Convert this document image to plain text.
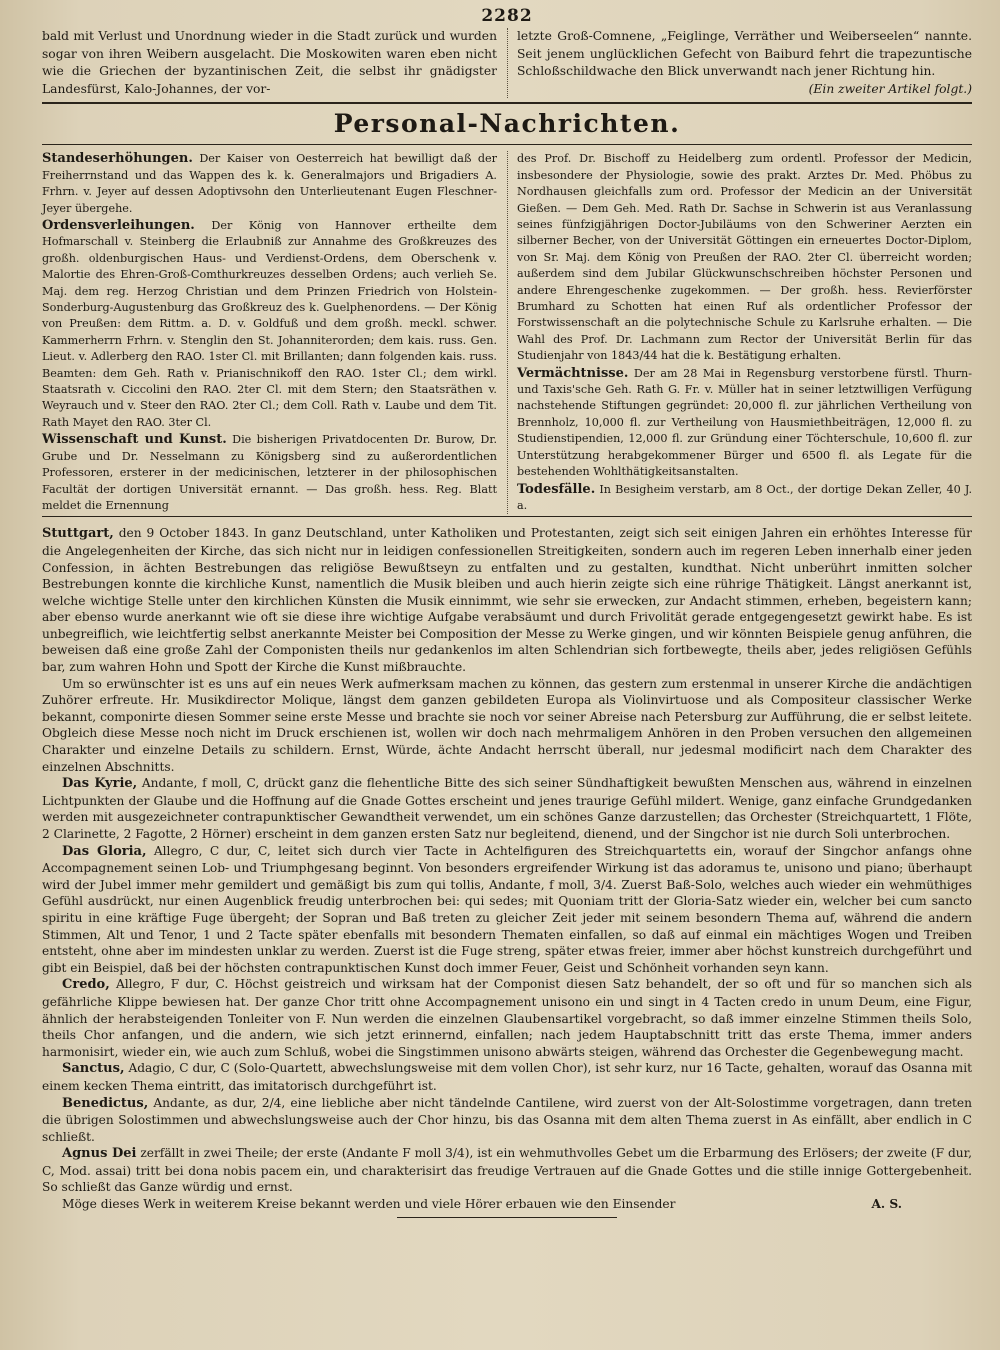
2282

bald mit Verlust und Unordnung wieder in die Stadt zurück und wurden sogar von ihren Weibern ausgelacht. Die Moskowiten waren eben nicht wie die Griechen der byzantinischen Zeit, die selbst ihr gnädigster Landesfürst, Kalo-Johannes, der vor-

letzte Groß-Comnene, „Feiglinge, Verräther und Weiberseelen“ nannte. Seit jenem unglücklichen Gefecht von Baiburd fehrt die trapezuntische Schloßschildwache den Blick unverwandt nach jener Richtung hin.

(Ein zweiter Artikel folgt.)

Personal-Nachrichten.

Standeserhöhungen. Der Kaiser von Oesterreich hat bewilligt daß der Freiherrnstand und das Wappen des k. k. Generalmajors und Brigadiers A. Frhrn. v. Jeyer auf dessen Adoptivsohn den Unterlieutenant Eugen Fleschner-Jeyer übergehe.

Ordensverleihungen. Der König von Hannover ertheilte dem Hofmarschall v. Steinberg die Erlaubniß zur Annahme des Großkreuzes des großh. oldenburgischen Haus- und Verdienst-Ordens, dem Oberschenk v. Malortie des Ehren-Groß-Comthurkreuzes desselben Ordens; auch verlieh Se. Maj. dem reg. Herzog Christian und dem Prinzen Friedrich von Holstein-Sonderburg-Augustenburg das Großkreuz des k. Guelphenordens. — Der König von Preußen: dem Rittm. a. D. v. Goldfuß und dem großh. meckl. schwer. Kammerherrn Frhrn. v. Stenglin den St. Johanniterorden; dem kais. russ. Gen. Lieut. v. Adlerberg den RAO. 1ster Cl. mit Brillanten; dann folgenden kais. russ. Beamten: dem Geh. Rath v. Prianischnikoff den RAO. 1ster Cl.; dem wirkl. Staatsrath v. Ciccolini den RAO. 2ter Cl. mit dem Stern; den Staatsräthen v. Weyrauch und v. Steer den RAO. 2ter Cl.; dem Coll. Rath v. Laube und dem Tit. Rath Mayet den RAO. 3ter Cl.

Wissenschaft und Kunst. Die bisherigen Privatdocenten Dr. Burow, Dr. Grube und Dr. Nesselmann zu Königsberg sind zu außerordentlichen Professoren, ersterer in der medicinischen, letzterer in der philosophischen Facultät der dortigen Universität ernannt. — Das großh. hess. Reg. Blatt meldet die Ernennung

des Prof. Dr. Bischoff zu Heidelberg zum ordentl. Professor der Medicin, insbesondere der Physiologie, sowie des prakt. Arztes Dr. Med. Phöbus zu Nordhausen gleichfalls zum ord. Professor der Medicin an der Universität Gießen. — Dem Geh. Med. Rath Dr. Sachse in Schwerin ist aus Veranlassung seines fünfzigjährigen Doctor-Jubiläums von den Schweriner Aerzten ein silberner Becher, von der Universität Göttingen ein erneuertes Doctor-Diplom, von Sr. Maj. dem König von Preußen der RAO. 2ter Cl. überreicht worden; außerdem sind dem Jubilar Glückwunschschreiben höchster Personen und andere Ehrengeschenke zugekommen. — Der großh. hess. Revierförster Brumhard zu Schotten hat einen Ruf als ordentlicher Professor der Forstwissenschaft an die polytechnische Schule zu Karlsruhe erhalten. — Die Wahl des Prof. Dr. Lachmann zum Rector der Universität Berlin für das Studienjahr von 1843/44 hat die k. Bestätigung erhalten.

Vermächtnisse. Der am 28 Mai in Regensburg verstorbene fürstl. Thurn- und Taxis'sche Geh. Rath G. Fr. v. Müller hat in seiner letztwilligen Verfügung nachstehende Stiftungen gegründet: 20,000 fl. zur jährlichen Vertheilung von Brennholz, 10,000 fl. zur Vertheilung von Hausmiethbeiträgen, 12,000 fl. zu Studienstipendien, 12,000 fl. zur Gründung einer Töchterschule, 10,600 fl. zur Unterstützung herabgekommener Bürger und 6500 fl. als Legate für die bestehenden Wohlthätigkeitsanstalten.

Todesfälle. In Besigheim verstarb, am 8 Oct., der dortige Dekan Zeller, 40 J. a.

Stuttgart, den 9 October 1843. In ganz Deutschland, unter Katholiken und Protestanten, zeigt sich seit einigen Jahren ein erhöhtes Interesse für die Angelegenheiten der Kirche, das sich nicht nur in leidigen confessionellen Streitigkeiten, sondern auch im regeren Leben innerhalb einer jeden Confession, in ächten Bestrebungen das religiöse Bewußtseyn zu entfalten und zu gestalten, kundthat. Nicht unberührt inmitten solcher Bestrebungen konnte die kirchliche Kunst, namentlich die Musik bleiben und auch hierin zeigte sich eine rührige Thätigkeit. Längst anerkannt ist, welche wichtige Stelle unter den kirchlichen Künsten die Musik einnimmt, wie sehr sie erwecken, zur Andacht stimmen, erheben, begeistern kann; aber ebenso wurde anerkannt wie oft sie diese ihre wichtige Aufgabe verabsäumt und durch Frivolität gerade entgegengesetzt gewirkt habe. Es ist unbegreiflich, wie leichtfertig selbst anerkannte Meister bei Composition der Messe zu Werke gingen, und wir könnten Beispiele genug anführen, die beweisen daß eine große Zahl der Componisten theils nur gedankenlos im alten Schlendrian sich fortbewegte, theils aber, jedes religiösen Gefühls bar, zum wahren Hohn und Spott der Kirche die Kunst mißbrauchte.

Um so erwünschter ist es uns auf ein neues Werk aufmerksam machen zu können, das gestern zum erstenmal in unserer Kirche die andächtigen Zuhörer erfreute. Hr. Musikdirector Molique, längst dem ganzen gebildeten Europa als Violinvirtuose und als Compositeur classischer Werke bekannt, componirte diesen Sommer seine erste Messe und brachte sie noch vor seiner Abreise nach Petersburg zur Aufführung, die er selbst leitete. Obgleich diese Messe noch nicht im Druck erschienen ist, wollen wir doch nach mehrmaligem Anhören in den Proben versuchen den allgemeinen Charakter und einzelne Details zu schildern. Ernst, Würde, ächte Andacht herrscht überall, nur jedesmal modificirt nach dem Charakter des einzelnen Abschnitts.

Das Kyrie, Andante, f moll, C, drückt ganz die flehentliche Bitte des sich seiner Sündhaftigkeit bewußten Menschen aus, während in einzelnen Lichtpunkten der Glaube und die Hoffnung auf die Gnade Gottes erscheint und jenes traurige Gefühl mildert. Wenige, ganz einfache Grundgedanken werden mit ausgezeichneter contrapunktischer Gewandtheit verwendet, um ein schönes Ganze darzustellen; das Orchester (Streichquartett, 1 Flöte, 2 Clarinette, 2 Fagotte, 2 Hörner) erscheint in dem ganzen ersten Satz nur begleitend, dienend, und der Singchor ist nie durch Soli unterbrochen.

Das Gloria, Allegro, C dur, C, leitet sich durch vier Tacte in Achtelfiguren des Streichquartetts ein, worauf der Singchor anfangs ohne Accompagnement seinen Lob- und Triumphgesang beginnt. Von besonders ergreifender Wirkung ist das adoramus te, unisono und piano; überhaupt wird der Jubel immer mehr gemildert und gemäßigt bis zum qui tollis, Andante, f moll, 3/4. Zuerst Baß-Solo, welches auch wieder ein wehmüthiges Gefühl ausdrückt, nur einen Augenblick freudig unterbrochen bei: qui sedes; mit Quoniam tritt der Gloria-Satz wieder ein, welcher bei cum sancto spiritu in eine kräftige Fuge übergeht; der Sopran und Baß treten zu gleicher Zeit jeder mit seinem besondern Thema auf, während die andern Stimmen, Alt und Tenor, 1 und 2 Tacte später ebenfalls mit besondern Thematen einfallen, so daß auf einmal ein mächtiges Wogen und Treiben entsteht, ohne aber im mindesten unklar zu werden. Zuerst ist die Fuge streng, später etwas freier, immer aber höchst kunstreich durchgeführt und gibt ein Beispiel, daß bei der höchsten contrapunktischen Kunst doch immer Feuer, Geist und Schönheit vorhanden seyn kann.

Credo, Allegro, F dur, C. Höchst geistreich und wirksam hat der Componist diesen Satz behandelt, der so oft und für so manchen sich als gefährliche Klippe bewiesen hat. Der ganze Chor tritt ohne Accompagnement unisono ein und singt in 4 Tacten credo in unum Deum, eine Figur, ähnlich der herabsteigenden Tonleiter von F. Nun werden die einzelnen Glaubensartikel vorgebracht, so daß immer einzelne Stimmen theils Solo, theils Chor anfangen, und die andern, wie sich jetzt erinnernd, einfallen; nach jedem Hauptabschnitt tritt das erste Thema, immer anders harmonisirt, wieder ein, wie auch zum Schluß, wobei die Singstimmen unisono abwärts steigen, während das Orchester die Gegenbewegung macht.

Sanctus, Adagio, C dur, C (Solo-Quartett, abwechslungsweise mit dem vollen Chor), ist sehr kurz, nur 16 Tacte, gehalten, worauf das Osanna mit einem kecken Thema eintritt, das imitatorisch durchgeführt ist.

Benedictus, Andante, as dur, 2/4, eine liebliche aber nicht tändelnde Cantilene, wird zuerst von der Alt-Solostimme vorgetragen, dann treten die übrigen Solostimmen und abwechslungsweise auch der Chor hinzu, bis das Osanna mit dem alten Thema zuerst in As einfällt, aber endlich in C schließt.

Agnus Dei zerfällt in zwei Theile; der erste (Andante F moll 3/4), ist ein wehmuthvolles Gebet um die Erbarmung des Erlösers; der zweite (F dur, C, Mod. assai) tritt bei dona nobis pacem ein, und charakterisirt das freudige Vertrauen auf die Gnade Gottes und die stille innige Gottergebenheit. So schließt das Ganze würdig und ernst.

Möge dieses Werk in weiterem Kreise bekannt werden und viele Hörer erbauen wie den Einsender	A. S.
